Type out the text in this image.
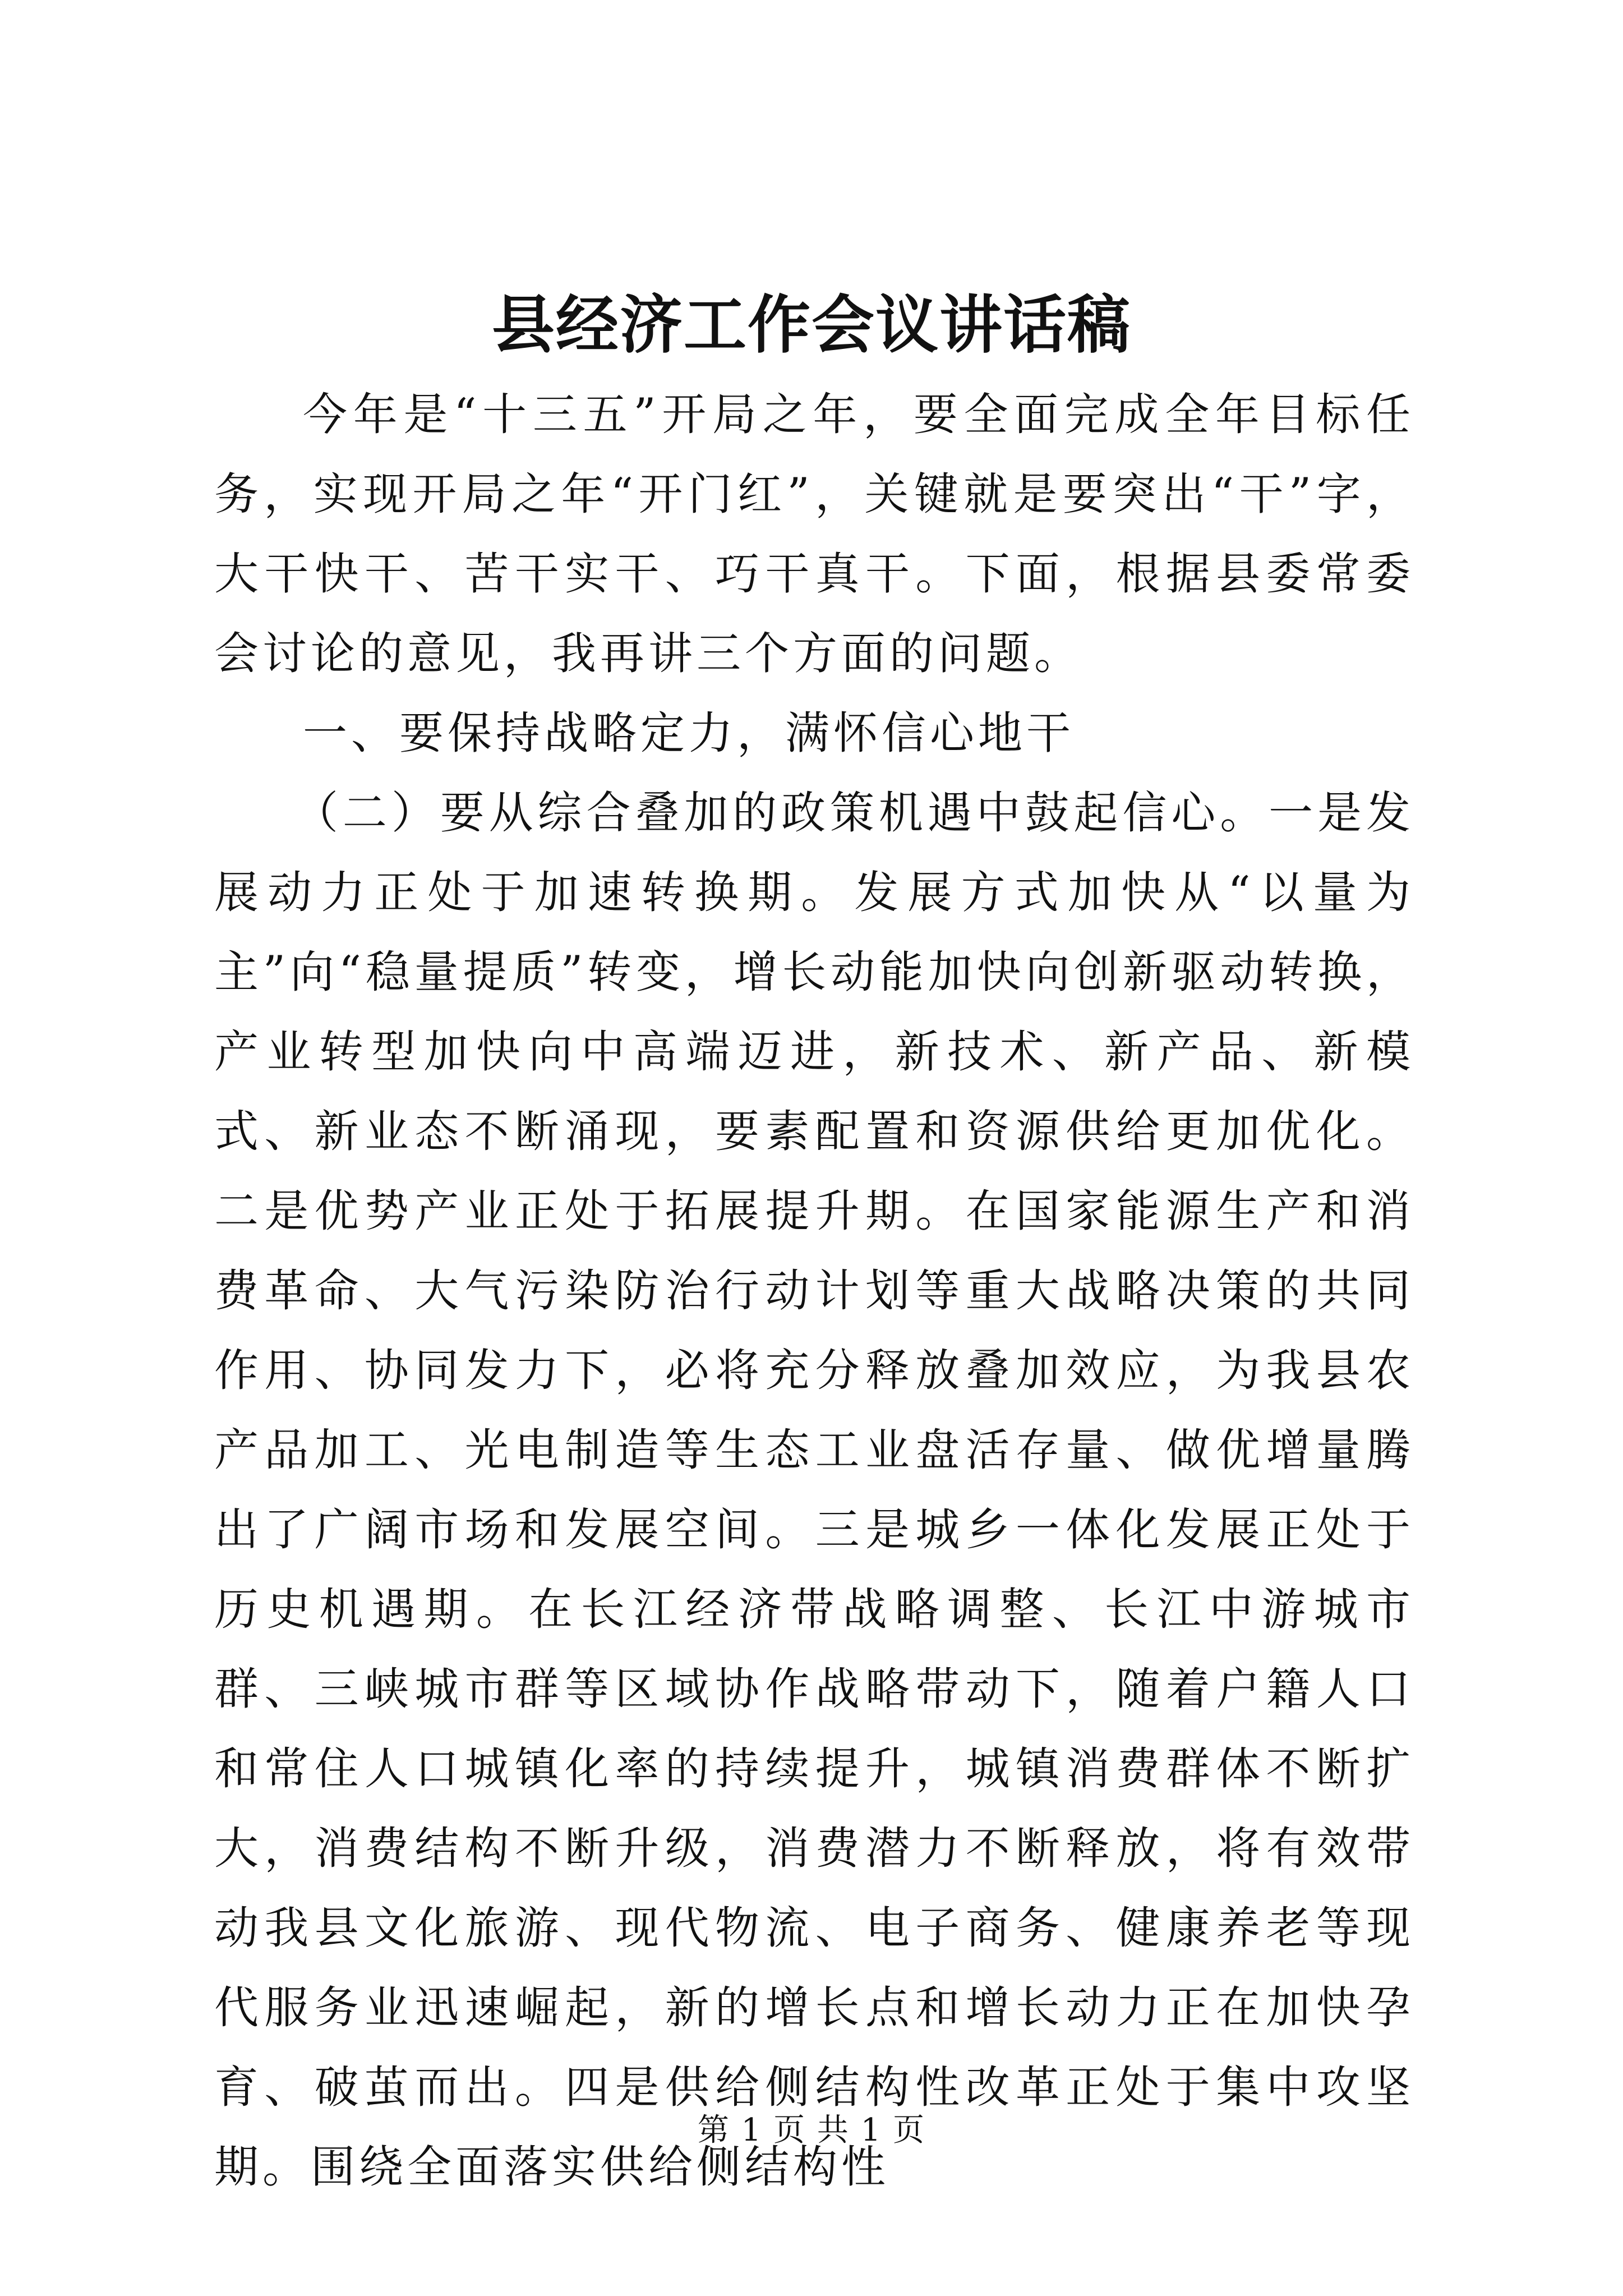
县经济工作会议讲话稿

今年是“十三五”开局之年，要全面完成全年目标任务，实现开局之年“开门红”，关键就是要突出“干”字，大干快干、苦干实干、巧干真干。下面，根据县委常委会讨论的意见，我再讲三个方面的问题。

一、要保持战略定力，满怀信心地干

（二）要从综合叠加的政策机遇中鼓起信心。一是发展动力正处于加速转换期。发展方式加快从“以量为主”向“稳量提质”转变，增长动能加快向创新驱动转换，产业转型加快向中高端迈进，新技术、新产品、新模式、新业态不断涌现，要素配置和资源供给更加优化。二是优势产业正处于拓展提升期。在国家能源生产和消费革命、大气污染防治行动计划等重大战略决策的共同作用、协同发力下，必将充分释放叠加效应，为我县农产品加工、光电制造等生态工业盘活存量、做优增量腾出了广阔市场和发展空间。三是城乡一体化发展正处于历史机遇期。在长江经济带战略调整、长江中游城市群、三峡城市群等区域协作战略带动下，随着户籍人口和常住人口城镇化率的持续提升，城镇消费群体不断扩大，消费结构不断升级，消费潜力不断释放，将有效带动我县文化旅游、现代物流、电子商务、健康养老等现代服务业迅速崛起，新的增长点和增长动力正在加快孕育、破茧而出。四是供给侧结构性改革正处于集中攻坚期。围绕全面落实供给侧结构性

第 1 页 共 1 页
